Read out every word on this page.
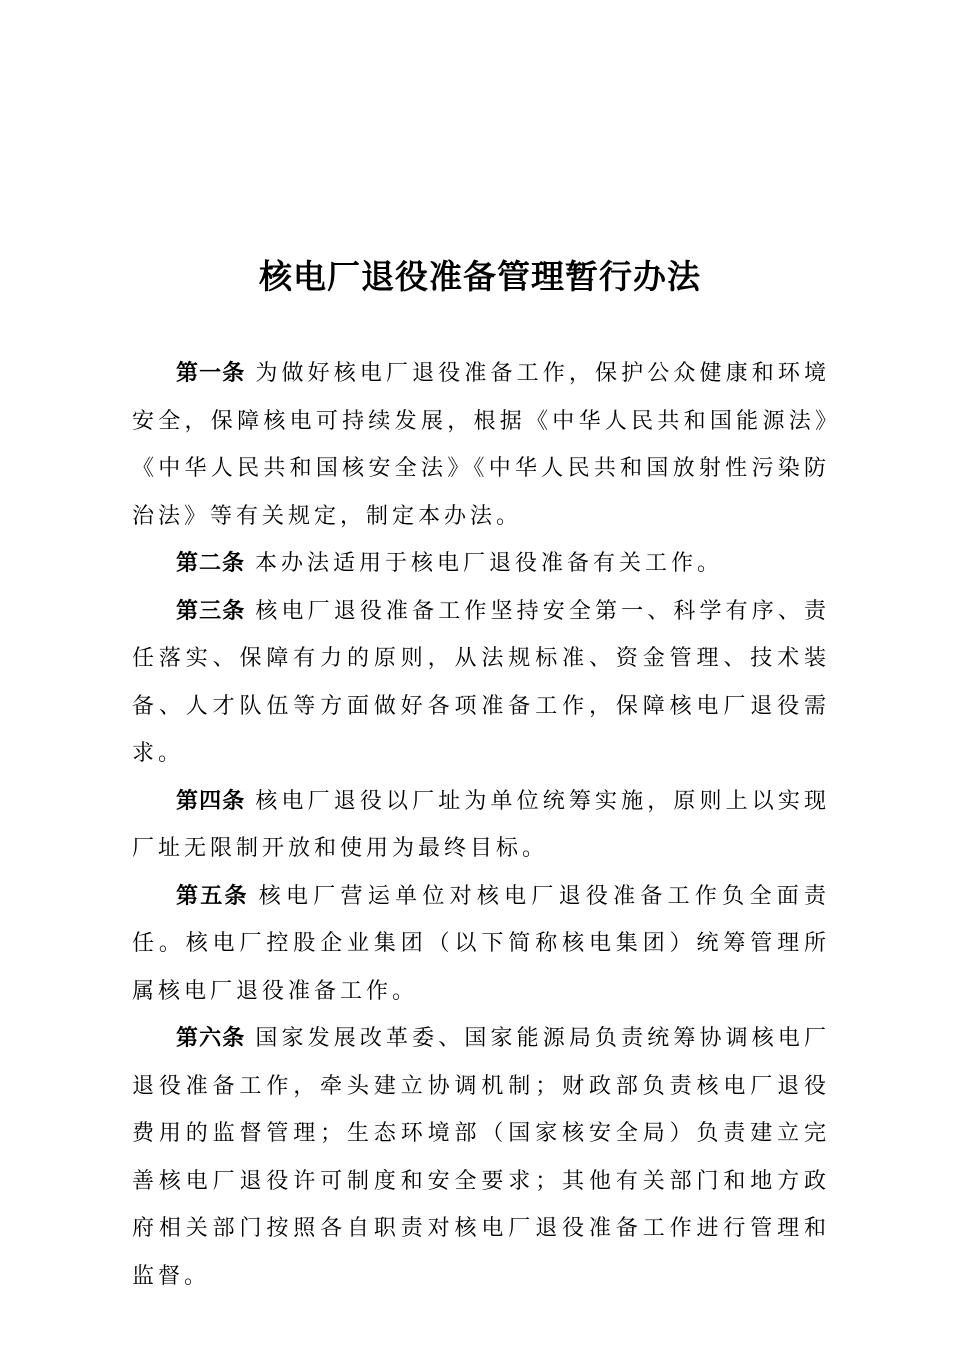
核电厂退役准备管理暂行办法

第一条 为做好核电厂退役准备工作，保护公众健康和环境安全，保障核电可持续发展，根据《中华人民共和国能源法》《中华人民共和国核安全法》《中华人民共和国放射性污染防治法》等有关规定，制定本办法。

第二条 本办法适用于核电厂退役准备有关工作。

第三条 核电厂退役准备工作坚持安全第一、科学有序、责任落实、保障有力的原则，从法规标准、资金管理、技术装备、人才队伍等方面做好各项准备工作，保障核电厂退役需求。

第四条 核电厂退役以厂址为单位统筹实施，原则上以实现厂址无限制开放和使用为最终目标。

第五条 核电厂营运单位对核电厂退役准备工作负全面责任。核电厂控股企业集团（以下简称核电集团）统筹管理所属核电厂退役准备工作。

第六条 国家发展改革委、国家能源局负责统筹协调核电厂退役准备工作，牵头建立协调机制；财政部负责核电厂退役费用的监督管理；生态环境部（国家核安全局）负责建立完善核电厂退役许可制度和安全要求；其他有关部门和地方政府相关部门按照各自职责对核电厂退役准备工作进行管理和监督。
